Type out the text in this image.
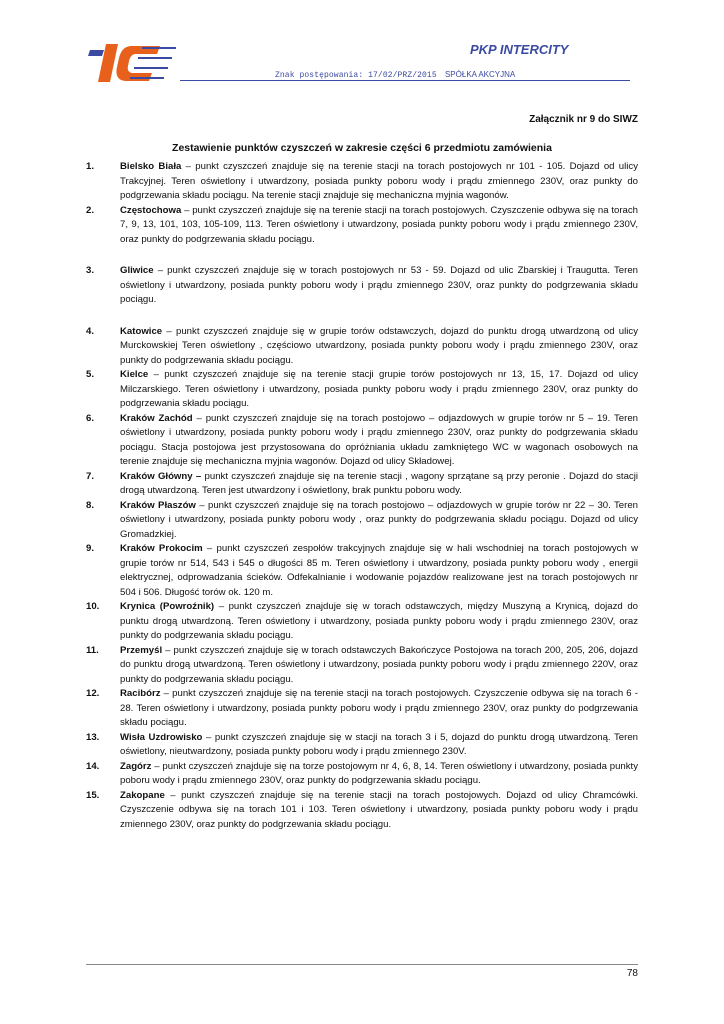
PKP INTERCITY
Znak postępowania: 17/02/PRZ/2015 SPÓŁKA AKCYJNA
Załącznik nr 9 do SIWZ
Zestawienie punktów czyszczeń w zakresie części 6 przedmiotu zamówienia
1.	Bielsko Biała – punkt czyszczeń znajduje się na terenie stacji na torach postojowych nr 101 - 105. Dojazd od ulicy Trakcyjnej. Teren oświetlony i utwardzony, posiada punkty poboru wody i prądu zmiennego 230V, oraz punkty do podgrzewania składu pociągu. Na terenie stacji znajduje się mechaniczna myjnia wagonów.
2.	Częstochowa – punkt czyszczeń znajduje się na terenie stacji na torach postojowych. Czyszczenie odbywa się na torach 7, 9, 13, 101, 103, 105-109, 113. Teren oświetlony i utwardzony, posiada punkty poboru wody i prądu zmiennego 230V, oraz punkty do podgrzewania składu pociągu.
3.	Gliwice – punkt czyszczeń znajduje się w torach postojowych nr 53 - 59. Dojazd od ulic Zbarskiej i Traugutta. Teren oświetlony i utwardzony, posiada punkty poboru wody i prądu zmiennego 230V, oraz punkty do podgrzewania składu pociągu.
4.	Katowice – punkt czyszczeń znajduje się w grupie torów odstawczych, dojazd do punktu drogą utwardzoną od ulicy Murckowskiej Teren oświetlony , częściowo utwardzony, posiada punkty poboru wody i prądu zmiennego 230V, oraz punkty do podgrzewania składu pociągu.
5.	Kielce – punkt czyszczeń znajduje się na terenie stacji grupie torów postojowych nr 13, 15, 17. Dojazd od ulicy Milczarskiego. Teren oświetlony i utwardzony, posiada punkty poboru wody i prądu zmiennego 230V, oraz punkty do podgrzewania składu pociągu.
6.	Kraków Zachód – punkt czyszczeń znajduje się na torach postojowo – odjazdowych w grupie torów nr 5 – 19. Teren oświetlony i utwardzony, posiada punkty poboru wody i prądu zmiennego 230V, oraz punkty do podgrzewania składu pociągu. Stacja postojowa jest przystosowana do opróżniania układu zamkniętego WC w wagonach osobowych na terenie znajduje się mechaniczna myjnia wagonów. Dojazd od ulicy Składowej.
7.	Kraków Główny – punkt czyszczeń znajduje się na terenie stacji , wagony sprzątane są przy peronie . Dojazd do stacji drogą utwardzoną. Teren jest utwardzony i oświetlony, brak punktu poboru wody.
8.	Kraków Płaszów – punkt czyszczeń znajduje się na torach postojowo – odjazdowych w grupie torów nr 22 – 30. Teren oświetlony i utwardzony, posiada punkty poboru wody , oraz punkty do podgrzewania składu pociągu. Dojazd od ulicy Gromadzkiej.
9.	Kraków Prokocim – punkt czyszczeń zespołów trakcyjnych znajduje się w hali wschodniej na torach postojowych w grupie torów nr 514, 543 i 545 o długości 85 m. Teren oświetlony i utwardzony, posiada punkty poboru wody , energii elektrycznej, odprowadzania ścieków. Odfekalnianie i wodowanie pojazdów realizowane jest na torach postojowych nr 504 i 506. Długość torów ok. 120 m.
10.	Krynica (Powroźnik) – punkt czyszczeń znajduje się w torach odstawczych, między Muszyną a Krynicą, dojazd do punktu drogą utwardzoną. Teren oświetlony i utwardzony, posiada punkty poboru wody i prądu zmiennego 230V, oraz punkty do podgrzewania składu pociągu.
11.	Przemyśl – punkt czyszczeń znajduje się w torach odstawczych Bakończyce Postojowa na torach 200, 205, 206, dojazd do punktu drogą utwardzoną. Teren oświetlony i utwardzony, posiada punkty poboru wody i prądu zmiennego 220V, oraz punkty do podgrzewania składu pociągu.
12.	Racibórz – punkt czyszczeń znajduje się na terenie stacji na torach postojowych. Czyszczenie odbywa się na torach 6 - 28. Teren oświetlony i utwardzony, posiada punkty poboru wody i prądu zmiennego 230V, oraz punkty do podgrzewania składu pociągu.
13.	Wisła Uzdrowisko – punkt czyszczeń znajduje się w stacji na torach 3 i 5, dojazd do punktu drogą utwardzoną. Teren oświetlony, nieutwardzony, posiada punkty poboru wody i prądu zmiennego 230V.
14.	Zagórz – punkt czyszczeń znajduje się na torze postojowym nr 4, 6, 8, 14. Teren oświetlony i utwardzony, posiada punkty poboru wody i prądu zmiennego 230V, oraz punkty do podgrzewania składu pociągu.
15.	Zakopane – punkt czyszczeń znajduje się na terenie stacji na torach postojowych. Dojazd od ulicy Chramcówki. Czyszczenie odbywa się na torach 101 i 103. Teren oświetlony i utwardzony, posiada punkty poboru wody i prądu zmiennego 230V, oraz punkty do podgrzewania składu pociągu.
78
